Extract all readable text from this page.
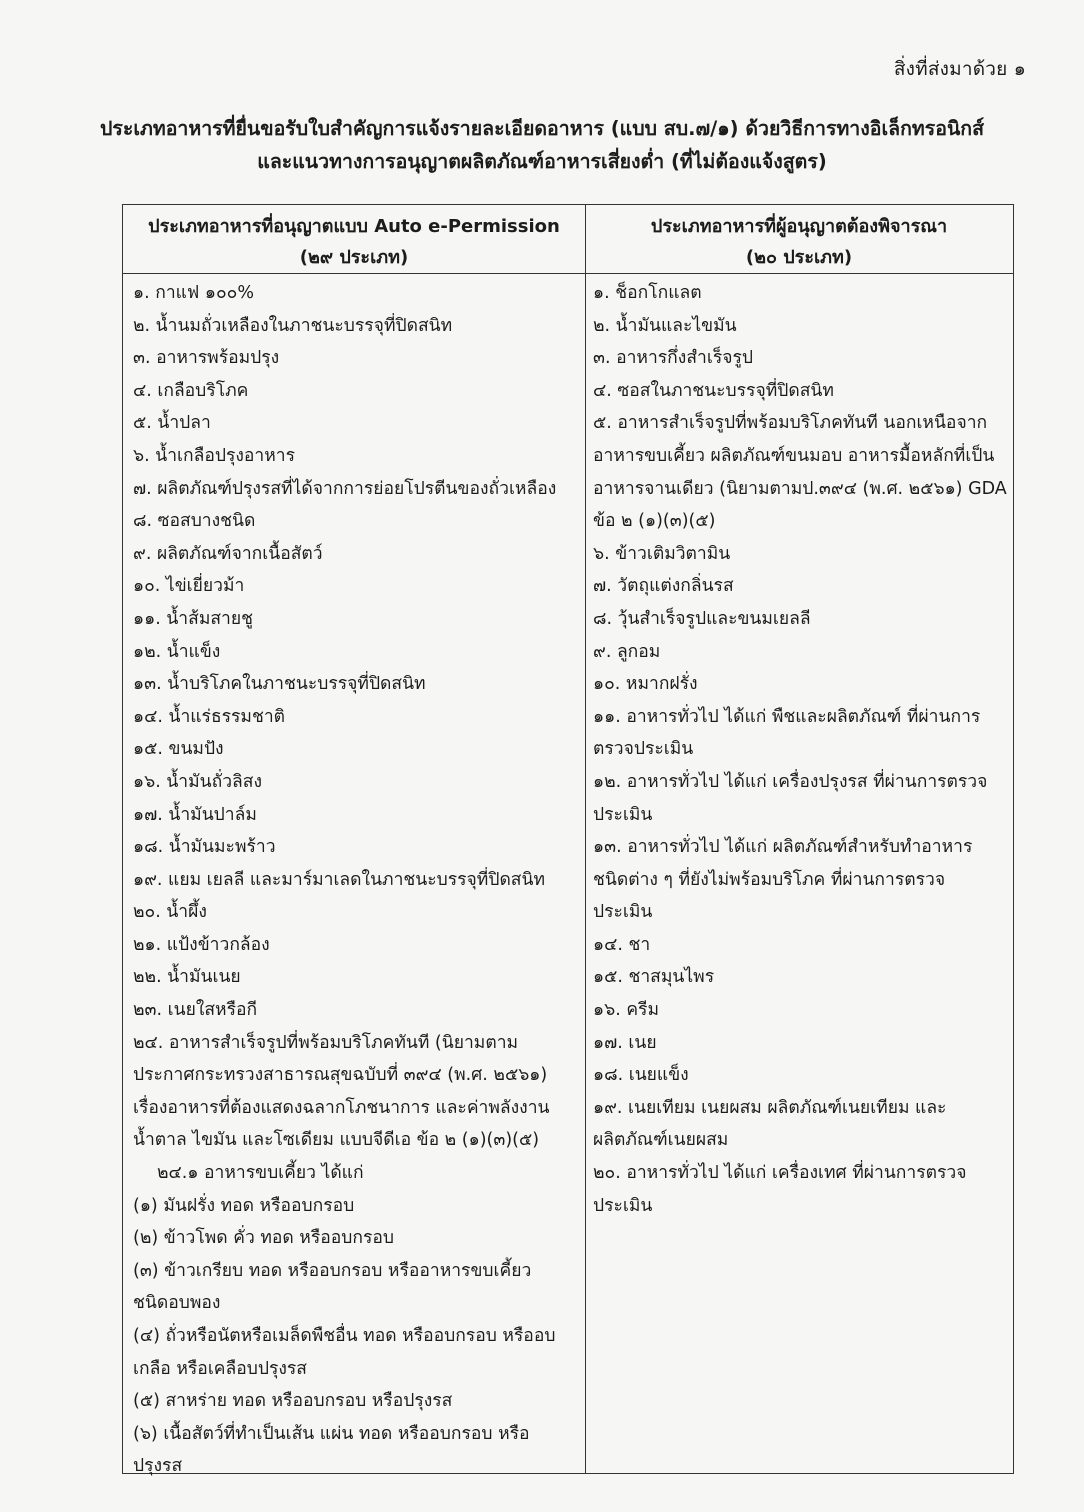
สิ่งที่ส่งมาด้วย ๑
ประเภทอาหารที่ยื่นขอรับใบสำคัญการแจ้งรายละเอียดอาหาร (แบบ สบ.๗/๑) ด้วยวิธีการทางอิเล็กทรอนิกส์
และแนวทางการอนุญาตผลิตภัณฑ์อาหารเสี่ยงต่ำ (ที่ไม่ต้องแจ้งสูตร)
ประเภทอาหารที่อนุญาตแบบ Auto e-Permission
(๒๙ ประเภท)
ประเภทอาหารที่ผู้อนุญาตต้องพิจารณา
(๒๐ ประเภท)
๑. กาแฟ ๑๐๐%
๒. น้ำนมถั่วเหลืองในภาชนะบรรจุที่ปิดสนิท
๓. อาหารพร้อมปรุง
๔. เกลือบริโภค
๕. น้ำปลา
๖. น้ำเกลือปรุงอาหาร
๗. ผลิตภัณฑ์ปรุงรสที่ได้จากการย่อยโปรตีนของถั่วเหลือง
๘. ซอสบางชนิด
๙. ผลิตภัณฑ์จากเนื้อสัตว์
๑๐. ไข่เยี่ยวม้า
๑๑. น้ำส้มสายชู
๑๒. น้ำแข็ง
๑๓. น้ำบริโภคในภาชนะบรรจุที่ปิดสนิท
๑๔. น้ำแร่ธรรมชาติ
๑๕. ขนมปัง
๑๖. น้ำมันถั่วลิสง
๑๗. น้ำมันปาล์ม
๑๘. น้ำมันมะพร้าว
๑๙. แยม เยลลี และมาร์มาเลดในภาชนะบรรจุที่ปิดสนิท
๒๐. น้ำผึ้ง
๒๑. แป้งข้าวกล้อง
๒๒. น้ำมันเนย
๒๓. เนยใสหรือกี
๒๔. อาหารสำเร็จรูปที่พร้อมบริโภคทันที (นิยามตาม
ประกาศกระทรวงสาธารณสุขฉบับที่ ๓๙๔ (พ.ศ. ๒๕๖๑)
เรื่องอาหารที่ต้องแสดงฉลากโภชนาการ และค่าพลังงาน
น้ำตาล ไขมัน และโซเดียม แบบจีดีเอ ข้อ ๒ (๑)(๓)(๕)
๒๔.๑ อาหารขบเคี้ยว ได้แก่
(๑) มันฝรั่ง ทอด หรืออบกรอบ
(๒) ข้าวโพด คั่ว ทอด หรืออบกรอบ
(๓) ข้าวเกรียบ ทอด หรืออบกรอบ หรืออาหารขบเคี้ยว
ชนิดอบพอง
(๔) ถั่วหรือนัตหรือเมล็ดพืชอื่น ทอด หรืออบกรอบ หรืออบ
เกลือ หรือเคลือบปรุงรส
(๕) สาหร่าย ทอด หรืออบกรอบ หรือปรุงรส
(๖) เนื้อสัตว์ที่ทำเป็นเส้น แผ่น ทอด หรืออบกรอบ หรือ
ปรุงรส
๑. ช็อกโกแลต
๒. น้ำมันและไขมัน
๓. อาหารกึ่งสำเร็จรูป
๔. ซอสในภาชนะบรรจุที่ปิดสนิท
๕. อาหารสำเร็จรูปที่พร้อมบริโภคทันที นอกเหนือจาก
อาหารขบเคี้ยว ผลิตภัณฑ์ขนมอบ อาหารมื้อหลักที่เป็น
อาหารจานเดียว (นิยามตามป.๓๙๔ (พ.ศ. ๒๕๖๑) GDA
ข้อ ๒ (๑)(๓)(๕)
๖. ข้าวเติมวิตามิน
๗. วัตถุแต่งกลิ่นรส
๘. วุ้นสำเร็จรูปและขนมเยลลี
๙. ลูกอม
๑๐. หมากฝรั่ง
๑๑. อาหารทั่วไป ได้แก่ พืชและผลิตภัณฑ์ ที่ผ่านการ
ตรวจประเมิน
๑๒. อาหารทั่วไป ได้แก่ เครื่องปรุงรส ที่ผ่านการตรวจ
ประเมิน
๑๓. อาหารทั่วไป ได้แก่ ผลิตภัณฑ์สำหรับทำอาหาร
ชนิดต่าง ๆ ที่ยังไม่พร้อมบริโภค ที่ผ่านการตรวจ
ประเมิน
๑๔. ชา
๑๕. ชาสมุนไพร
๑๖. ครีม
๑๗. เนย
๑๘. เนยแข็ง
๑๙. เนยเทียม เนยผสม ผลิตภัณฑ์เนยเทียม และ
ผลิตภัณฑ์เนยผสม
๒๐. อาหารทั่วไป ได้แก่ เครื่องเทศ ที่ผ่านการตรวจ
ประเมิน
